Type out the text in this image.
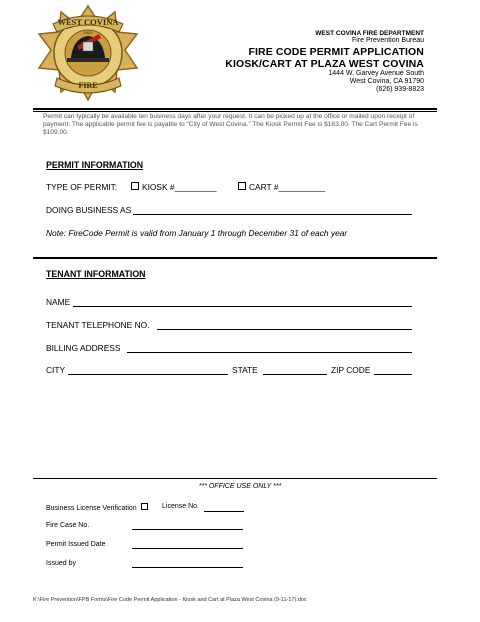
WEST COVINA
1923
FIRE
WEST COVINA FIRE DEPARTMENT
Fire Prevention Bureau
FIRE CODE PERMIT APPLICATION
KIOSK/CART AT PLAZA WEST COVINA
1444 W. Garvey Avenue South
West Covina, CA 91790
(626) 939-8823
Permit can typically be available ten business days after your request. It can be picked up at the office or mailed upon receipt of payment. The applicable permit fee is payable to “City of West Covina.” The Kiosk Permit Fee is $163.00. The Cart Permit Fee is $109.00.
PERMIT INFORMATION
TYPE OF PERMIT:	KIOSK #_________	CART #__________
DOING BUSINESS AS
Note: FireCode Permit is valid from January 1 through December 31 of each year
TENANT INFORMATION
NAME
TENANT TELEPHONE NO.
BILLING ADDRESS
CITY	STATE	ZIP CODE
*** OFFICE USE ONLY ***
Business License Verification	License No.
Fire Case No.
Permit Issued Date
Issued by
K:\Fire Prevention\FPB Forms\Fire Code Permit Application - Kiosk and Cart at Plaza West Covina (9-11-17).doc
